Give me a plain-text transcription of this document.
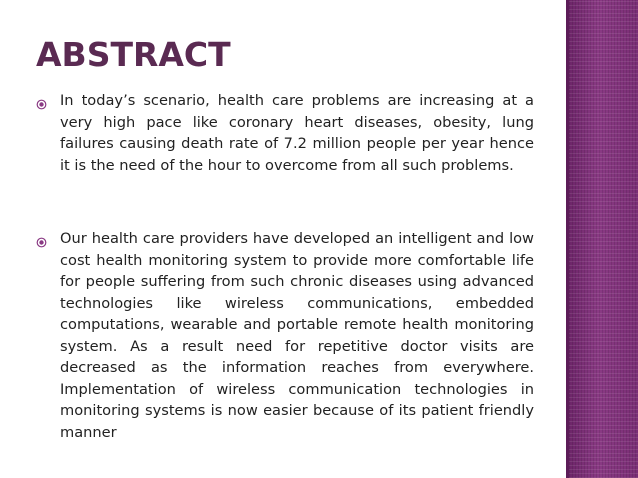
ABSTRACT

In today’s scenario, health care problems are increasing at a very high pace like coronary heart diseases, obesity, lung failures causing death rate of 7.2 million people per year hence it is the need of the hour to overcome from all such problems.

Our health care providers have developed an intelligent and low cost health monitoring system to provide more comfortable life for people suffering from such chronic diseases using advanced technologies like wireless communications, embedded computations, wearable and portable remote health monitoring system. As a result need for repetitive doctor visits are decreased as the information reaches from everywhere. Implementation of wireless communication technologies in monitoring systems is now easier because of its patient friendly manner
